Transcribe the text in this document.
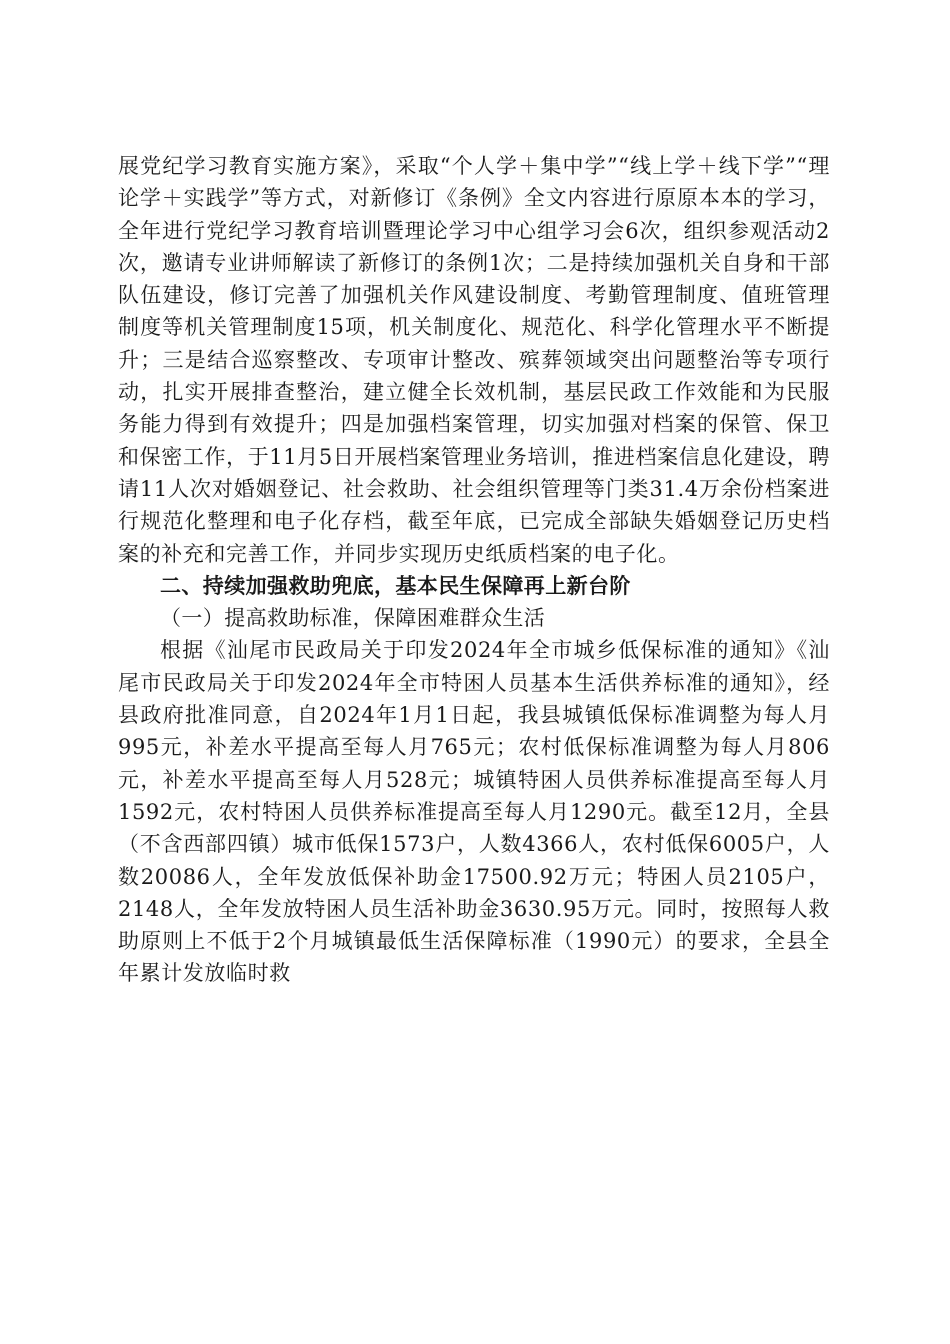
展党纪学习教育实施方案》，采取“个人学＋集中学”“线上学＋线下学”“理论学＋实践学”等方式，对新修订《条例》全文内容进行原原本本的学习，全年进行党纪学习教育培训暨理论学习中心组学习会6次，组织参观活动2次，邀请专业讲师解读了新修订的条例1次；二是持续加强机关自身和干部队伍建设，修订完善了加强机关作风建设制度、考勤管理制度、值班管理制度等机关管理制度15项，机关制度化、规范化、科学化管理水平不断提升；三是结合巡察整改、专项审计整改、殡葬领域突出问题整治等专项行动，扎实开展排查整治，建立健全长效机制，基层民政工作效能和为民服务能力得到有效提升；四是加强档案管理，切实加强对档案的保管、保卫和保密工作，于11月5日开展档案管理业务培训，推进档案信息化建设，聘请11人次对婚姻登记、社会救助、社会组织管理等门类31.4万余份档案进行规范化整理和电子化存档，截至年底，已完成全部缺失婚姻登记历史档案的补充和完善工作，并同步实现历史纸质档案的电子化。

二、持续加强救助兜底，基本民生保障再上新台阶

（一）提高救助标准，保障困难群众生活

根据《汕尾市民政局关于印发2024年全市城乡低保标准的通知》《汕尾市民政局关于印发2024年全市特困人员基本生活供养标准的通知》，经县政府批准同意，自2024年1月1日起，我县城镇低保标准调整为每人月995元，补差水平提高至每人月765元；农村低保标准调整为每人月806元，补差水平提高至每人月528元；城镇特困人员供养标准提高至每人月1592元，农村特困人员供养标准提高至每人月1290元。截至12月，全县（不含西部四镇）城市低保1573户，人数4366人，农村低保6005户，人数20086人，全年发放低保补助金17500.92万元；特困人员2105户，2148人，全年发放特困人员生活补助金3630.95万元。同时，按照每人救助原则上不低于2个月城镇最低生活保障标准（1990元）的要求，全县全年累计发放临时救
